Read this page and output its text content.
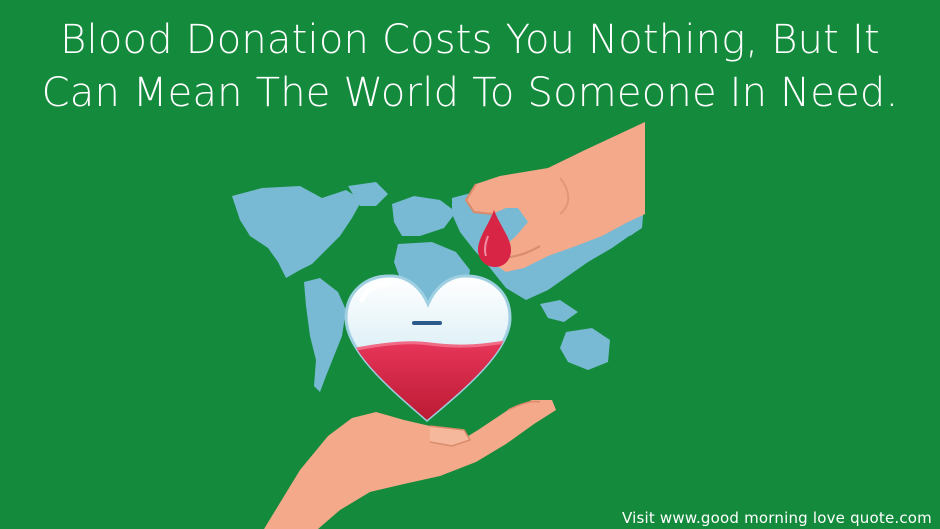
Blood Donation Costs You Nothing, But It
Can Mean The World To Someone In Need.
Visit www.good morning love quote.com
